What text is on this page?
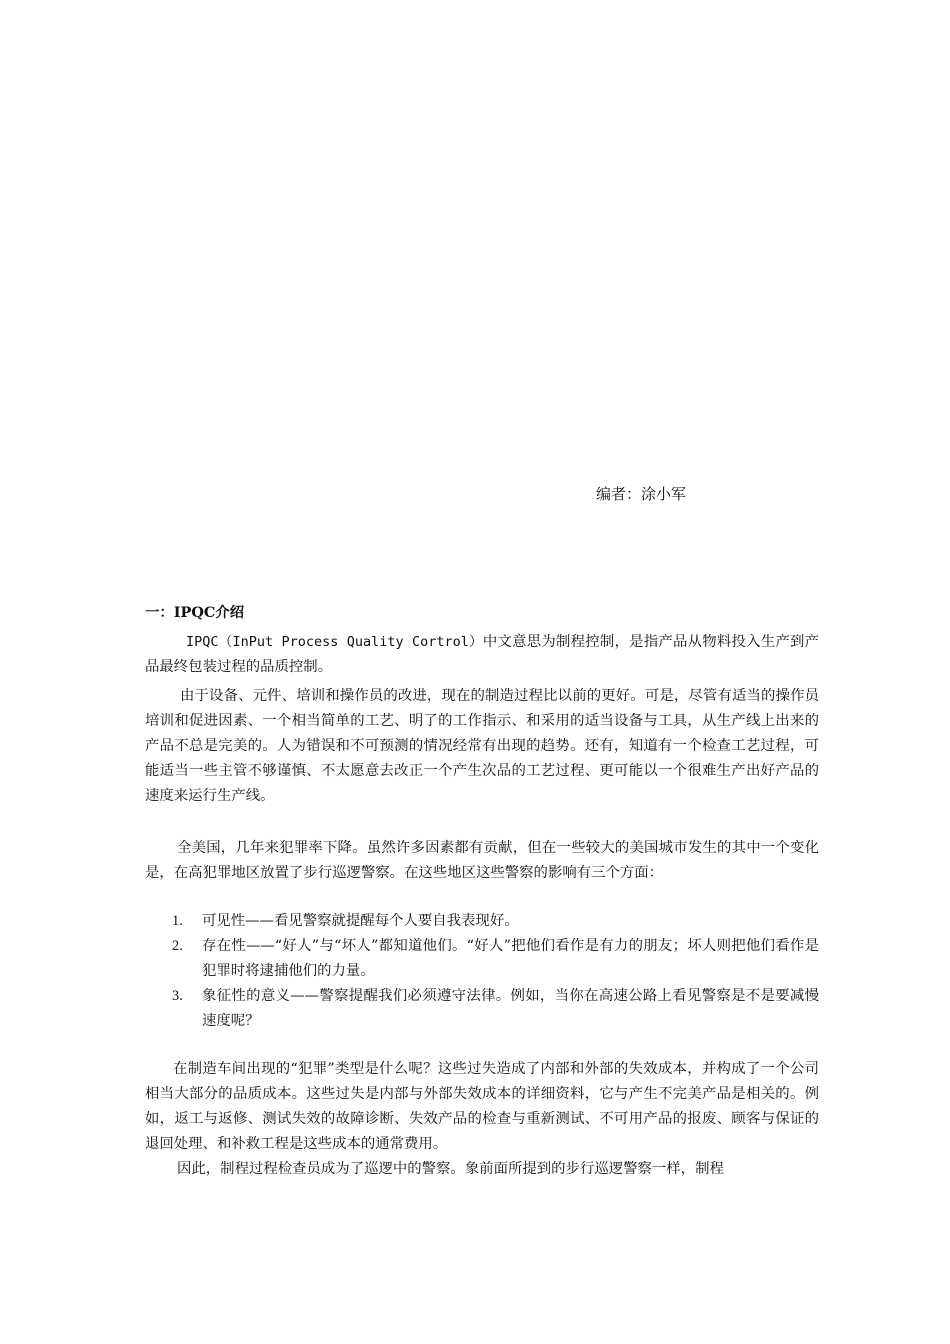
编者：涂小军
一：IPQC介绍

IPQC（InPut Process Quality Cortrol）中文意思为制程控制，是指产品从物料投入生产到产品最终包装过程的品质控制。

由于设备、元件、培训和操作员的改进，现在的制造过程比以前的更好。可是，尽管有适当的操作员培训和促进因素、一个相当简单的工艺、明了的工作指示、和采用的适当设备与工具，从生产线上出来的产品不总是完美的。人为错误和不可预测的情况经常有出现的趋势。还有，知道有一个检查工艺过程，可能适当一些主管不够谨慎、不太愿意去改正一个产生次品的工艺过程、更可能以一个很难生产出好产品的速度来运行生产线。

全美国，几年来犯罪率下降。虽然许多因素都有贡献，但在一些较大的美国城市发生的其中一个变化是，在高犯罪地区放置了步行巡逻警察。在这些地区这些警察的影响有三个方面：

1. 可见性——看见警察就提醒每个人要自我表现好。
2. 存在性——“好人”与“坏人”都知道他们。“好人”把他们看作是有力的朋友；坏人则把他们看作是犯罪时将逮捕他们的力量。
3. 象征性的意义——警察提醒我们必须遵守法律。例如，当你在高速公路上看见警察是不是要减慢速度呢？

在制造车间出现的“犯罪”类型是什么呢？这些过失造成了内部和外部的失效成本，并构成了一个公司相当大部分的品质成本。这些过失是内部与外部失效成本的详细资料，它与产生不完美产品是相关的。例如，返工与返修、测试失效的故障诊断、失效产品的检查与重新测试、不可用产品的报废、顾客与保证的退回处理、和补救工程是这些成本的通常费用。

因此，制程过程检查员成为了巡逻中的警察。象前面所提到的步行巡逻警察一样，制程
